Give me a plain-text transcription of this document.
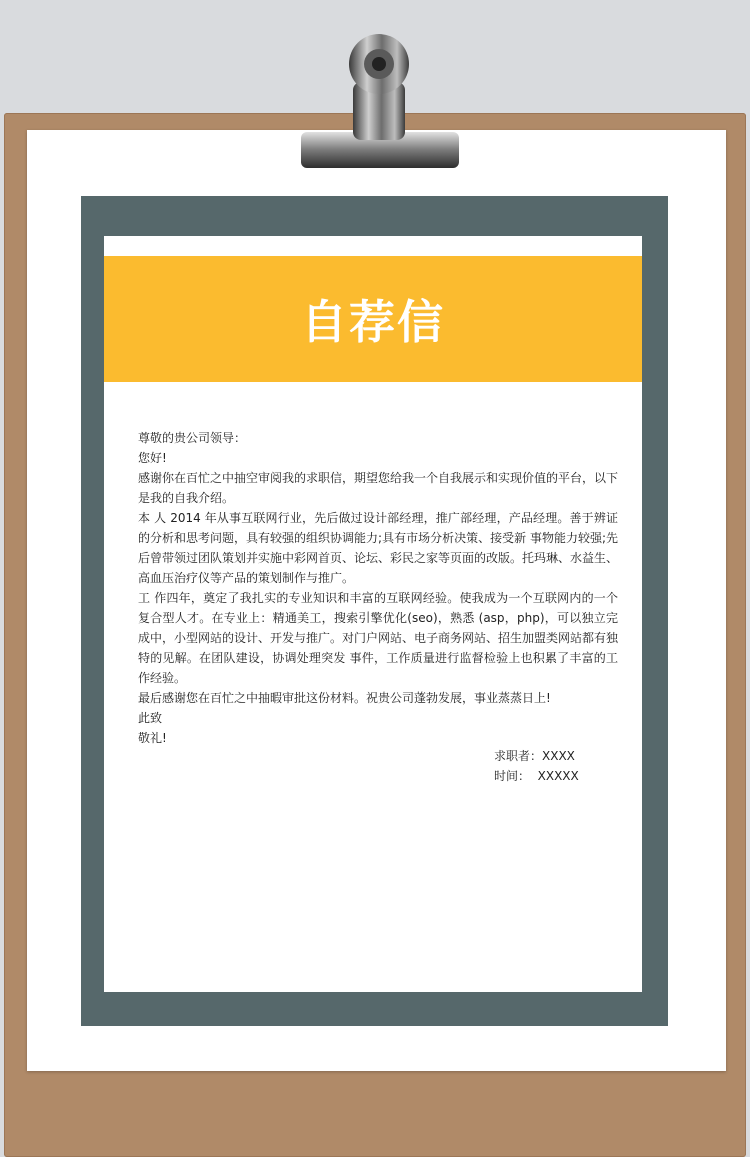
自荐信

尊敬的贵公司领导：

您好!

感谢你在百忙之中抽空审阅我的求职信，期望您给我一个自我展示和实现价值的平台，以下是我的自我介绍。

本 人 2014 年从事互联网行业，先后做过设计部经理，推广部经理，产品经理。善于辨证的分析和思考问题，具有较强的组织协调能力;具有市场分析决策、接受新 事物能力较强;先后曾带领过团队策划并实施中彩网首页、论坛、彩民之家等页面的改版。托玛琳、水益生、高血压治疗仪等产品的策划制作与推广。

工 作四年，奠定了我扎实的专业知识和丰富的互联网经验。使我成为一个互联网内的一个复合型人才。在专业上：精通美工，搜索引擎优化(seo)，熟悉 (asp，php)，可以独立完成中，小型网站的设计、开发与推广。对门户网站、电子商务网站、招生加盟类网站都有独特的见解。在团队建设，协调处理突发 事件，工作质量进行监督检验上也积累了丰富的工作经验。

最后感谢您在百忙之中抽暇审批这份材料。祝贵公司蓬勃发展，事业蒸蒸日上!

此致

敬礼!

求职者：XXXX
时间：  XXXXX
